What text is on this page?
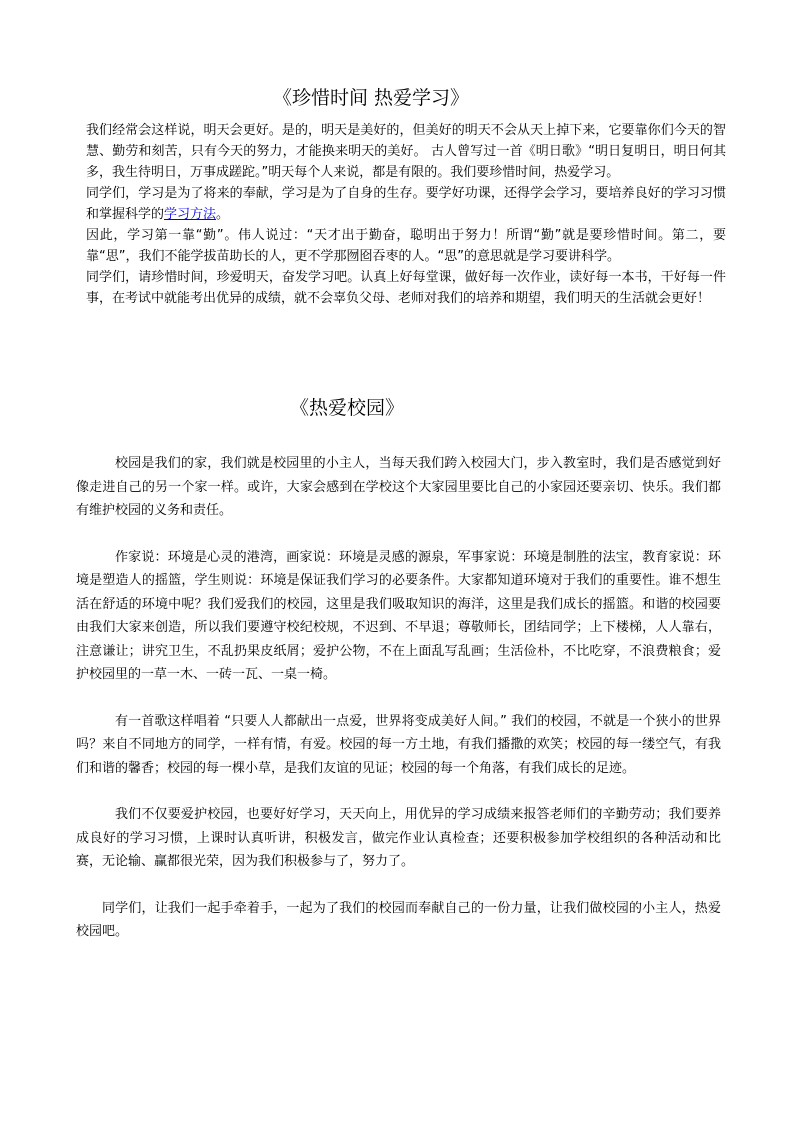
《珍惜时间 热爱学习》

我们经常会这样说，明天会更好。是的，明天是美好的，但美好的明天不会从天上掉下来，它要靠你们今天的智慧、勤劳和刻苦，只有今天的努力，才能换来明天的美好。 古人曾写过一首《明日歌》“明日复明日，明日何其多，我生待明日，万事成蹉跎。”明天每个人来说，都是有限的。我们要珍惜时间，热爱学习。

同学们，学习是为了将来的奉献，学习是为了自身的生存。要学好功课，还得学会学习，要培养良好的学习习惯和掌握科学的学习方法。

因此，学习第一靠“勤”。伟人说过：“天才出于勤奋，聪明出于努力！所谓“勤”就是要珍惜时间。第二，要靠“思”，我们不能学拔苗助长的人，更不学那囫囵吞枣的人。“思”的意思就是学习要讲科学。

同学们，请珍惜时间，珍爱明天，奋发学习吧。认真上好每堂课，做好每一次作业，读好每一本书，干好每一件事，在考试中就能考出优异的成绩，就不会辜负父母、老师对我们的培养和期望，我们明天的生活就会更好！

《热爱校园》

校园是我们的家，我们就是校园里的小主人，当每天我们跨入校园大门，步入教室时，我们是否感觉到好像走进自己的另一个家一样。或许，大家会感到在学校这个大家园里要比自己的小家园还要亲切、快乐。我们都有维护校园的义务和责任。

作家说：环境是心灵的港湾，画家说：环境是灵感的源泉，军事家说：环境是制胜的法宝，教育家说：环境是塑造人的摇篮，学生则说：环境是保证我们学习的必要条件。大家都知道环境对于我们的重要性。谁不想生活在舒适的环境中呢？我们爱我们的校园，这里是我们吸取知识的海洋，这里是我们成长的摇篮。和谐的校园要由我们大家来创造，所以我们要遵守校纪校规，不迟到、不早退；尊敬师长，团结同学；上下楼梯，人人靠右，注意谦让；讲究卫生，不乱扔果皮纸屑；爱护公物，不在上面乱写乱画；生活俭朴，不比吃穿，不浪费粮食；爱护校园里的一草一木、一砖一瓦、一桌一椅。

有一首歌这样唱着 “只要人人都献出一点爱，世界将变成美好人间。” 我们的校园，不就是一个狭小的世界吗？来自不同地方的同学，一样有情，有爱。校园的每一方土地，有我们播撒的欢笑；校园的每一缕空气，有我们和谐的馨香；校园的每一棵小草，是我们友谊的见证；校园的每一个角落，有我们成长的足迹。

我们不仅要爱护校园，也要好好学习，天天向上，用优异的学习成绩来报答老师们的辛勤劳动；我们要养成良好的学习习惯，上课时认真听讲，积极发言，做完作业认真检查；还要积极参加学校组织的各种活动和比赛，无论输、赢都很光荣，因为我们积极参与了，努力了。

同学们，让我们一起手牵着手，一起为了我们的校园而奉献自己的一份力量，让我们做校园的小主人，热爱校园吧。
